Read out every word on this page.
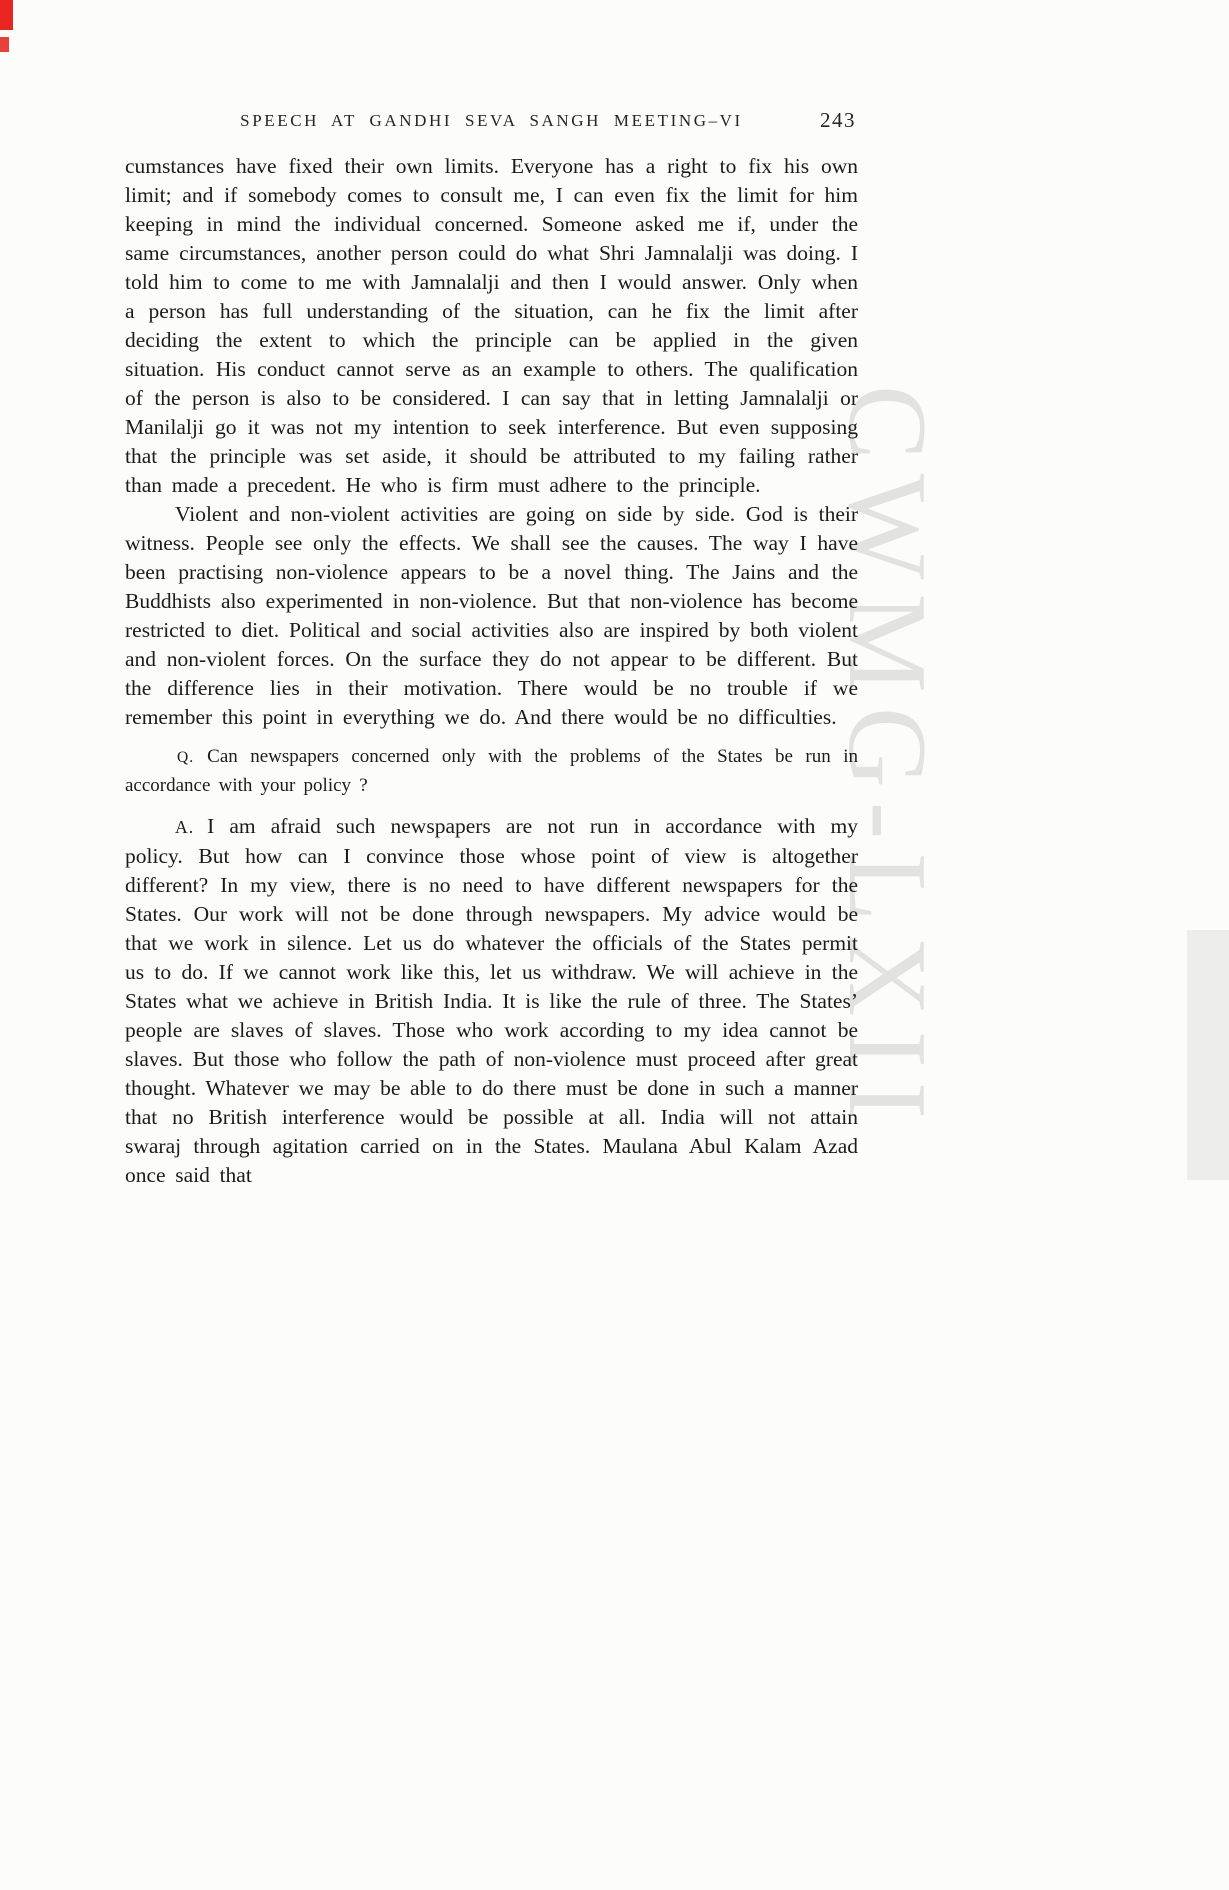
CWMG-LXII
SPEECH AT GANDHI SEVA SANGH MEETING–VI	243

cumstances have fixed their own limits. Everyone has a right to fix his own limit; and if somebody comes to consult me, I can even fix the limit for him keeping in mind the individual concerned. Someone asked me if, under the same circumstances, another person could do what Shri Jamnalalji was doing. I told him to come to me with Jamnalalji and then I would answer. Only when a person has full understanding of the situation, can he fix the limit after deciding the extent to which the principle can be applied in the given situation. His conduct cannot serve as an example to others. The qualification of the person is also to be considered. I can say that in letting Jamnalalji or Manilalji go it was not my intention to seek interference. But even supposing that the principle was set aside, it should be attributed to my failing rather than made a precedent. He who is firm must adhere to the principle.

Violent and non-violent activities are going on side by side. God is their witness. People see only the effects. We shall see the causes. The way I have been practising non-violence appears to be a novel thing. The Jains and the Buddhists also experimented in non-violence. But that non-violence has become restricted to diet. Political and social activities also are inspired by both violent and non-violent forces. On the surface they do not appear to be different. But the difference lies in their motivation. There would be no trouble if we remember this point in everything we do. And there would be no difficulties.

Q. Can newspapers concerned only with the problems of the States be run in accordance with your policy ?

A. I am afraid such newspapers are not run in accordance with my policy. But how can I convince those whose point of view is altogether different? In my view, there is no need to have different newspapers for the States. Our work will not be done through newspapers. My advice would be that we work in silence. Let us do whatever the officials of the States permit us to do. If we cannot work like this, let us withdraw. We will achieve in the States what we achieve in British India. It is like the rule of three. The States’ people are slaves of slaves. Those who work according to my idea cannot be slaves. But those who follow the path of non-violence must proceed after great thought. Whatever we may be able to do there must be done in such a manner that no British interference would be possible at all. India will not attain swaraj through agitation carried on in the States. Maulana Abul Kalam Azad once said that
